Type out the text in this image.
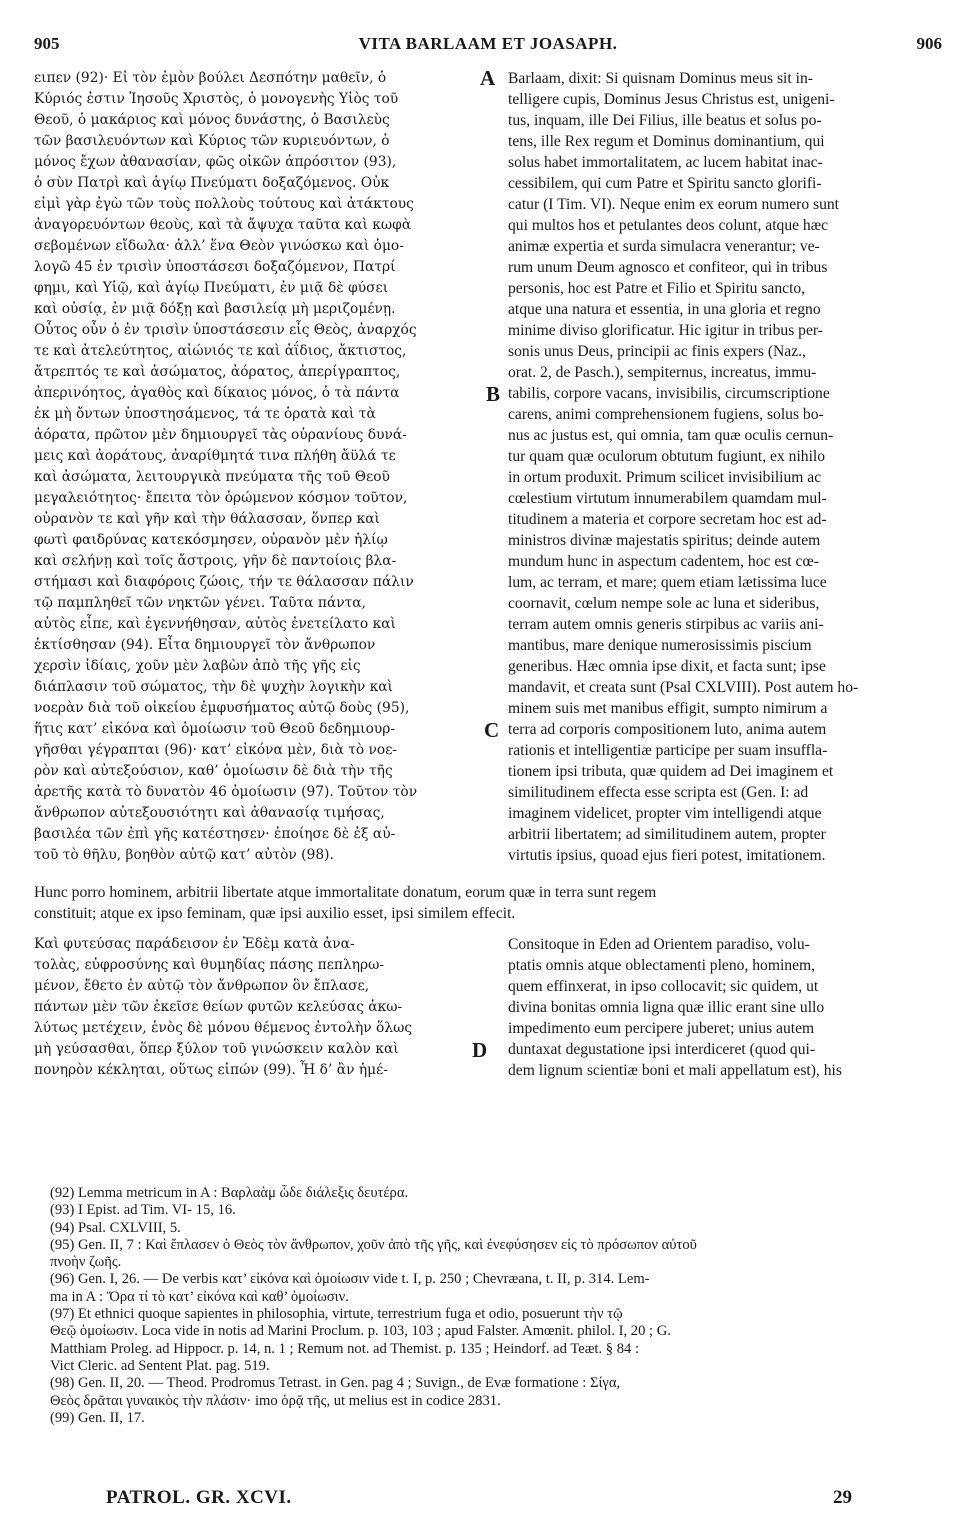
905	VITA BARLAAM ET JOASAPH.	906
ειπεν (92)· Εἰ τὸν ἐμὸν βούλει Δεσπότην μαθεῖν, ὁ
Κύριός ἐστιν Ἰησοῦς Χριστὸς, ὁ μονογενὴς Υἱὸς τοῦ
Θεοῦ, ὁ μακάριος καὶ μόνος δυνάστης, ὁ Βασιλεὺς
τῶν βασιλευόντων καὶ Κύριος τῶν κυριευόντων, ὁ
μόνος ἔχων ἀθανασίαν, φῶς οἰκῶν ἀπρόσιτον (93),
ὁ σὺν Πατρὶ καὶ ἁγίῳ Πνεύματι δοξαζόμενος. Οὐκ
εἰμὶ γὰρ ἐγὼ τῶν τοὺς πολλοὺς τούτους καὶ ἀτάκτους
ἀναγορευόντων θεοὺς, καὶ τὰ ἄψυχα ταῦτα καὶ κωφὰ
σεβομένων εἴδωλα· ἀλλ’ ἕνα Θεὸν γινώσκω καὶ ὁμο-
λογῶ 45 ἐν τρισὶν ὑποστάσεσι δοξαζόμενον, Πατρί
φημι, καὶ Υἱῷ, καὶ ἁγίῳ Πνεύματι, ἐν μιᾷ δὲ φύσει
καὶ οὐσίᾳ, ἐν μιᾷ δόξῃ καὶ βασιλείᾳ μὴ μεριζομένῃ.
Οὗτος οὖν ὁ ἐν τρισὶν ὑποστάσεσιν εἷς Θεὸς, ἀναρχός
τε καὶ ἀτελεύτητος, αἰώνιός τε καὶ ἀΐδιος, ἄκτιστος,
ἄτρεπτός τε καὶ ἀσώματος, ἀόρατος, ἀπερίγραπτος,
ἀπερινόητος, ἀγαθὸς καὶ δίκαιος μόνος, ὁ τὰ πάντα
ἐκ μὴ ὄντων ὑποστησάμενος, τά τε ὁρατὰ καὶ τὰ
ἀόρατα, πρῶτον μὲν δημιουργεῖ τὰς οὐρανίους δυνά-
μεις καὶ ἀοράτους, ἀναρίθμητά τινα πλήθη ἄϋλά τε
καὶ ἀσώματα, λειτουργικὰ πνεύματα τῆς τοῦ Θεοῦ
μεγαλειότητος· ἔπειτα τὸν ὁρώμενον κόσμον τοῦτον,
οὐρανὸν τε καὶ γῆν καὶ τὴν θάλασσαν, ὅνπερ καὶ
φωτὶ φαιδρύνας κατεκόσμησεν, οὐρανὸν μὲν ἡλίῳ
καὶ σελήνῃ καὶ τοῖς ἄστροις, γῆν δὲ παντοίοις βλα-
στήμασι καὶ διαφόροις ζώοις, τήν τε θάλασσαν πάλιν
τῷ παμπληθεῖ τῶν νηκτῶν γένει. Ταῦτα πάντα,
αὐτὸς εἶπε, καὶ ἐγεννήθησαν, αὐτὸς ἐνετείλατο καὶ
ἐκτίσθησαν (94). Εἶτα δημιουργεῖ τὸν ἄνθρωπον
χερσὶν ἰδίαις, χοῦν μὲν λαβὼν ἀπὸ τῆς γῆς εἰς
διάπλασιν τοῦ σώματος, τὴν δὲ ψυχὴν λογικὴν καὶ
νοερὰν διὰ τοῦ οἰκείου ἐμφυσήματος αὐτῷ δοὺς (95),
ἥτις κατ’ εἰκόνα καὶ ὁμοίωσιν τοῦ Θεοῦ δεδημιουρ-
γῆσθαι γέγραπται (96)· κατ’ εἰκόνα μὲν, διὰ τὸ νοε-
ρὸν καὶ αὐτεξούσιον, καθ’ ὁμοίωσιν δὲ διὰ τὴν τῆς
ἀρετῆς κατὰ τὸ δυνατὸν 46 ὁμοίωσιν (97). Τοῦτον τὸν
ἄνθρωπον αὐτεξουσιότητι καὶ ἀθανασίᾳ τιμήσας,
βασιλέα τῶν ἐπὶ γῆς κατέστησεν· ἐποίησε δὲ ἐξ αὐ-
τοῦ τὸ θῆλυ, βοηθὸν αὐτῷ κατ’ αὐτὸν (98).
Barlaam, dixit: Si quisnam Dominus meus sit in-
telligere cupis, Dominus Jesus Christus est, unigeni-
tus, inquam, ille Dei Filius, ille beatus et solus po-
tens, ille Rex regum et Dominus dominantium, qui
solus habet immortalitatem, ac lucem habitat inac-
cessibilem, qui cum Patre et Spiritu sancto glorifi-
catur (I Tim. VI). Neque enim ex eorum numero sunt
qui multos hos et petulantes deos colunt, atque hæc
animæ expertia et surda simulacra venerantur; ve-
rum unum Deum agnosco et confiteor, qui in tribus
personis, hoc est Patre et Filio et Spiritu sancto,
atque una natura et essentia, in una gloria et regno
minime diviso glorificatur. Hic igitur in tribus per-
sonis unus Deus, principii ac finis expers (Naz.,
orat. 2, de Pasch.), sempiternus, increatus, immu-
tabilis, corpore vacans, invisibilis, circumscriptione
carens, animi comprehensionem fugiens, solus bo-
nus ac justus est, qui omnia, tam quæ oculis cernun-
tur quam quæ oculorum obtutum fugiunt, ex nihilo
in ortum produxit. Primum scilicet invisibilium ac
cœlestium virtutum innumerabilem quamdam mul-
titudinem a materia et corpore secretam hoc est ad-
ministros divinæ majestatis spiritus; deinde autem
mundum hunc in aspectum cadentem, hoc est cœ-
lum, ac terram, et mare; quem etiam lætissima luce
coornavit, cœlum nempe sole ac luna et sideribus,
terram autem omnis generis stirpibus ac variis ani-
mantibus, mare denique numerosissimis piscium
generibus. Hæc omnia ipse dixit, et facta sunt; ipse
mandavit, et creata sunt (Psal CXLVIII). Post autem ho-
minem suis met manibus effigit, sumpto nimirum a
terra ad corporis compositionem luto, anima autem
rationis et intelligentiæ participe per suam insuffla-
tionem ipsi tributa, quæ quidem ad Dei imaginem et
similitudinem effecta esse scripta est (Gen. I: ad
imaginem videlicet, propter vim intelligendi atque
arbitrii libertatem; ad similitudinem autem, propter
virtutis ipsius, quoad ejus fieri potest, imitationem.
A
B
C
Hunc porro hominem, arbitrii libertate atque immortalitate donatum, eorum quæ in terra sunt regem
constituit; atque ex ipso feminam, quæ ipsi auxilio esset, ipsi similem effecit.
Καὶ φυτεύσας παράδεισον ἐν Ἐδὲμ κατὰ ἀνα-
τολὰς, εὐφροσύνης καὶ θυμηδίας πάσης πεπληρω-
μένον, ἔθετο ἐν αὐτῷ τὸν ἄνθρωπον ὃν ἔπλασε,
πάντων μὲν τῶν ἐκεῖσε θείων φυτῶν κελεύσας ἀκω-
λύτως μετέχειν, ἑνὸς δὲ μόνου θέμενος ἐντολὴν ὅλως
μὴ γεύσασθαι, ὅπερ ξύλον τοῦ γινώσκειν καλὸν καὶ
πονηρὸν κέκληται, οὕτως εἰπών (99). Ἧ δ’ ἂν ἡμέ-
Consitoque in Eden ad Orientem paradiso, volu-
ptatis omnis atque oblectamenti pleno, hominem,
quem effinxerat, in ipso collocavit; sic quidem, ut
divina bonitas omnia ligna quæ illic erant sine ullo
impedimento eum percipere juberet; unius autem
duntaxat degustatione ipsi interdiceret (quod qui-
dem lignum scientiæ boni et mali appellatum est), his
D
(92) Lemma metricum in A : Βαρλαὰμ ὧδε διάλεξις δευτέρα.
(93) I Epist. ad Tim. VI- 15, 16.
(94) Psal. CXLVIII, 5.
(95) Gen. II, 7 : Καὶ ἔπλασεν ὁ Θεὸς τὸν ἄνθρωπον, χοῦν ἀπὸ τῆς γῆς, καὶ ἐνεφύσησεν εἰς τὸ πρόσωπον αὐτοῦ
πνοὴν ζωῆς.
(96) Gen. I, 26. — De verbis κατ’ εἰκόνα καὶ ὁμοίωσιν vide t. I, p. 250 ; Chevræana, t. II, p. 314. Lem-
ma in A : Ὅρα τί τὸ κατ’ εἰκόνα καὶ καθ’ ὁμοίωσιν.
(97) Et ethnici quoque sapientes in philosophia, virtute, terrestrium fuga et odio, posuerunt τὴν τῷ
Θεῷ ὁμοίωσιν. Loca vide in notis ad Marini Proclum. p. 103, 103 ; apud Falster. Amœnit. philol. I, 20 ; G.
Matthiam Proleg. ad Hippocr. p. 14, n. 1 ; Remum not. ad Themist. p. 135 ; Heindorf. ad Teæt. § 84 :
Vict Cleric. ad Sentent Plat. pag. 519.
(98) Gen. II, 20. — Theod. Prodromus Tetrast. in Gen. pag 4 ; Suvign., de Evæ formatione : Σίγα,
Θεὸς δρᾶται γυναικὸς τὴν πλάσιν· imo ὁρᾷ τῆς, ut melius est in codice 2831.
(99) Gen. II, 17.
PATROL. GR. XCVI.	29
